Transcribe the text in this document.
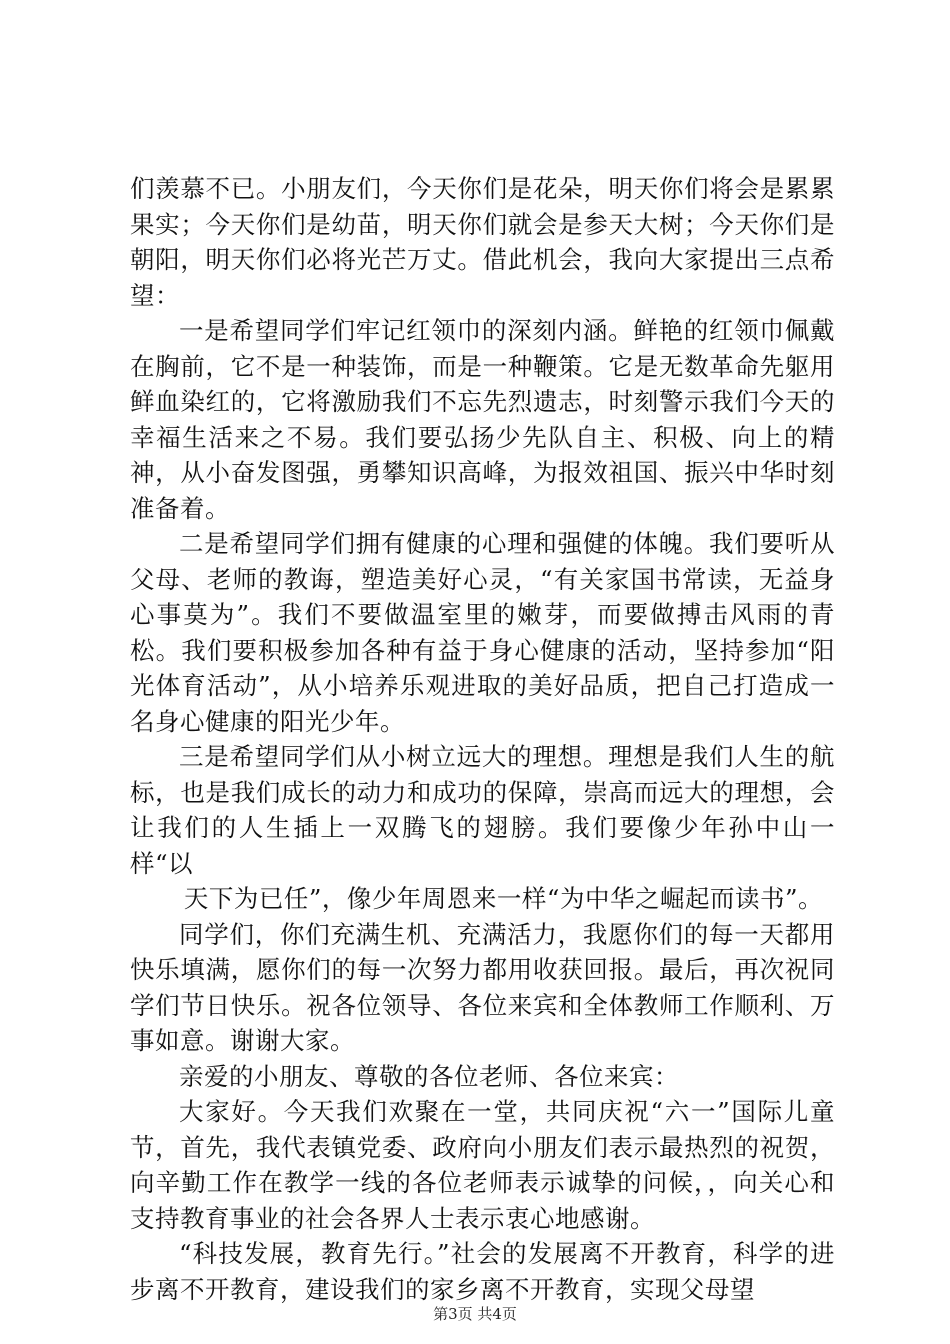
们羡慕不已。小朋友们，今天你们是花朵，明天你们将会是累累果实；今天你们是幼苗，明天你们就会是参天大树；今天你们是朝阳，明天你们必将光芒万丈。借此机会，我向大家提出三点希望：

一是希望同学们牢记红领巾的深刻内涵。鲜艳的红领巾佩戴在胸前，它不是一种装饰，而是一种鞭策。它是无数革命先躯用鲜血染红的，它将激励我们不忘先烈遗志，时刻警示我们今天的幸福生活来之不易。我们要弘扬少先队自主、积极、向上的精神，从小奋发图强，勇攀知识高峰，为报效祖国、振兴中华时刻准备着。

二是希望同学们拥有健康的心理和强健的体魄。我们要听从父母、老师的教诲，塑造美好心灵，“有关家国书常读，无益身心事莫为”。我们不要做温室里的嫩芽，而要做搏击风雨的青松。我们要积极参加各种有益于身心健康的活动，坚持参加“阳光体育活动”，从小培养乐观进取的美好品质，把自己打造成一名身心健康的阳光少年。

三是希望同学们从小树立远大的理想。理想是我们人生的航标，也是我们成长的动力和成功的保障，崇高而远大的理想，会让我们的人生插上一双腾飞的翅膀。我们要像少年孙中山一样“以

天下为已任”，像少年周恩来一样“为中华之崛起而读书”。

同学们，你们充满生机、充满活力，我愿你们的每一天都用快乐填满，愿你们的每一次努力都用收获回报。最后，再次祝同学们节日快乐。祝各位领导、各位来宾和全体教师工作顺利、万事如意。谢谢大家。

亲爱的小朋友、尊敬的各位老师、各位来宾：

大家好。今天我们欢聚在一堂，共同庆祝“六一”国际儿童节，首先，我代表镇党委、政府向小朋友们表示最热烈的祝贺，向辛勤工作在教学一线的各位老师表示诚挚的问候，，向关心和支持教育事业的社会各界人士表示衷心地感谢。

“科技发展，教育先行。”社会的发展离不开教育，科学的进步离不开教育，建设我们的家乡离不开教育，实现父母望

第3页 共4页
